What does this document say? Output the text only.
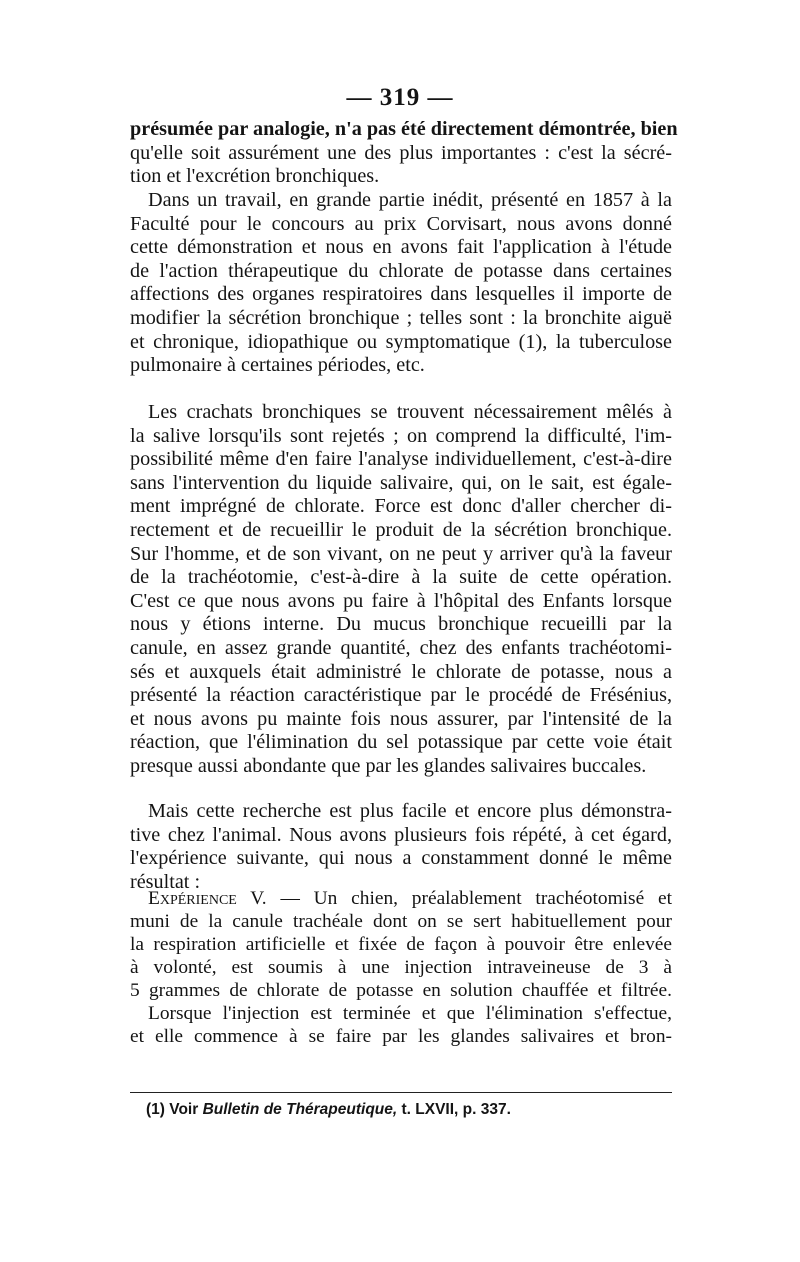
— 319 —
présumée par analogie, n'a pas été directement démontrée, bien
qu'elle soit assurément une des plus importantes : c'est la sécré-
tion et l'excrétion bronchiques.
Dans un travail, en grande partie inédit, présenté en 1857 à la
Faculté pour le concours au prix Corvisart, nous avons donné
cette démonstration et nous en avons fait l'application à l'étude
de l'action thérapeutique du chlorate de potasse dans certaines
affections des organes respiratoires dans lesquelles il importe de
modifier la sécrétion bronchique ; telles sont : la bronchite aiguë
et chronique, idiopathique ou symptomatique (1), la tuberculose
pulmonaire à certaines périodes, etc.
Les crachats bronchiques se trouvent nécessairement mêlés à
la salive lorsqu'ils sont rejetés ; on comprend la difficulté, l'im-
possibilité même d'en faire l'analyse individuellement, c'est-à-dire
sans l'intervention du liquide salivaire, qui, on le sait, est égale-
ment imprégné de chlorate. Force est donc d'aller chercher di-
rectement et de recueillir le produit de la sécrétion bronchique.
Sur l'homme, et de son vivant, on ne peut y arriver qu'à la faveur
de la trachéotomie, c'est-à-dire à la suite de cette opération.
C'est ce que nous avons pu faire à l'hôpital des Enfants lorsque
nous y étions interne. Du mucus bronchique recueilli par la
canule, en assez grande quantité, chez des enfants trachéotomi-
sés et auxquels était administré le chlorate de potasse, nous a
présenté la réaction caractéristique par le procédé de Frésénius,
et nous avons pu mainte fois nous assurer, par l'intensité de la
réaction, que l'élimination du sel potassique par cette voie était
presque aussi abondante que par les glandes salivaires buccales.
Mais cette recherche est plus facile et encore plus démonstra-
tive chez l'animal. Nous avons plusieurs fois répété, à cet égard,
l'expérience suivante, qui nous a constamment donné le même
résultat :
Expérience V. — Un chien, préalablement trachéotomisé et
muni de la canule trachéale dont on se sert habituellement pour
la respiration artificielle et fixée de façon à pouvoir être enlevée
à volonté, est soumis à une injection intraveineuse de 3 à
5 grammes de chlorate de potasse en solution chauffée et filtrée.
Lorsque l'injection est terminée et que l'élimination s'effectue,
et elle commence à se faire par les glandes salivaires et bron-
(1) Voir Bulletin de Thérapeutique, t. LXVII, p. 337.
